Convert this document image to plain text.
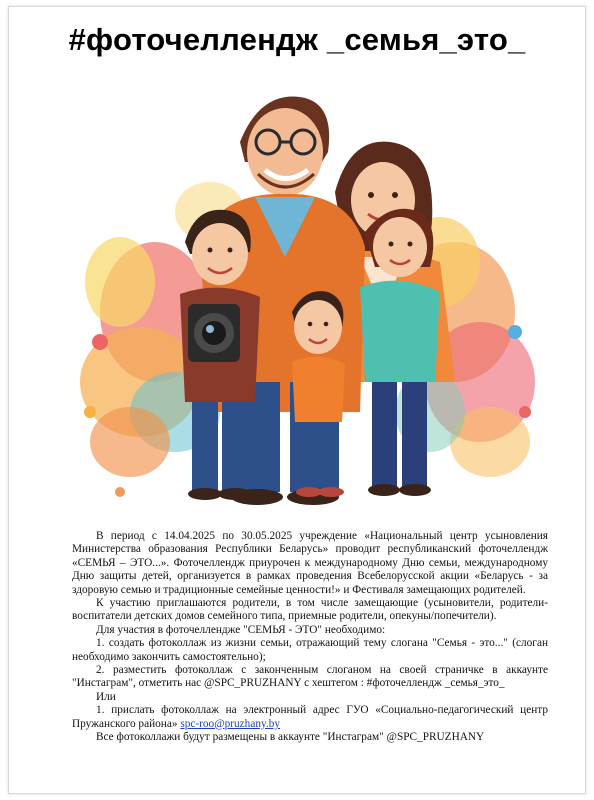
#фоточеллендж _семья_это_

В период с 14.04.2025 по 30.05.2025 учреждение «Национальный центр усыновления Министерства образования Республики Беларусь» проводит республиканский фоточеллендж «СЕМЬЯ – ЭТО...». Фоточеллендж приурочен к международному Дню семьи, международному Дню защиты детей, организуется в рамках проведения Всебелорусской акции «Беларусь - за здоровую семью и традиционные семейные ценности!» и Фестиваля замещающих родителей.

К участию приглашаются родители, в том числе замещающие (усыновители, родители-воспитатели детских домов семейного типа, приемные родители, опекуны/попечители).

Для участия в фоточеллендже "СЕМЬЯ - ЭТО" необходимо:

1. создать фотоколлаж из жизни семьи, отражающий тему слогана "Семья - это..." (слоган необходимо закончить самостоятельно);

2. разместить фотоколлаж с законченным слоганом на своей страничке в аккаунте "Инстаграм", отметить нас @SPC_PRUZHANY с хештегом : #фоточеллендж _семья_это_

Или

1. прислать фотоколлаж на электронный адрес ГУО «Социально-педагогический центр Пружанского района» spc-roo@pruzhany.by

Все фотоколлажи будут размещены в аккаунте "Инстаграм" @SPC_PRUZHANY
